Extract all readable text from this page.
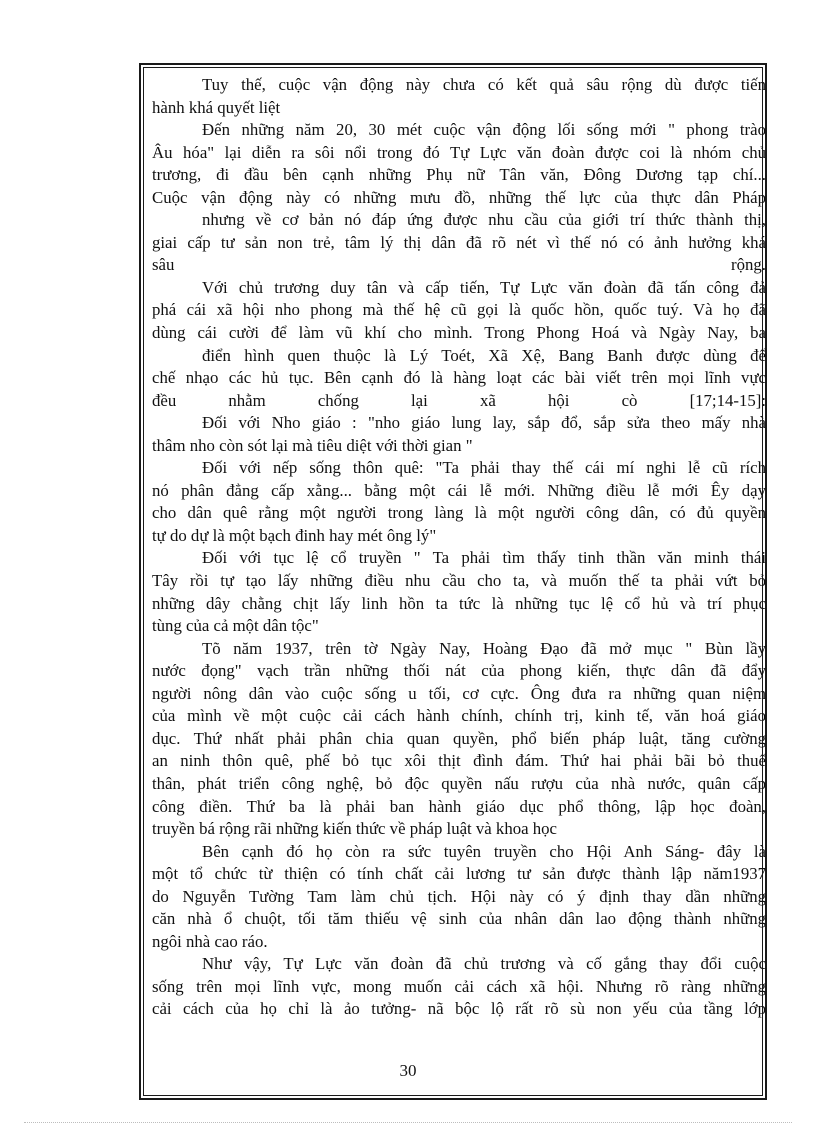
Tuy thế, cuộc vận động này chưa có kết quả sâu rộng dù được tiến
hành khá quyết liệt
Đến những năm 20, 30 mét cuộc vận động lối sống mới " phong trào
Âu hóa" lại diễn ra sôi nổi trong đó Tự Lực văn đoàn được coi là nhóm chủ
trương, đi đầu bên cạnh những Phụ nữ Tân văn, Đông Dương tạp chí...
Cuộc vận động này có những mưu đồ, những thế lực của thực dân Pháp
nhưng về cơ bản nó đáp ứng được nhu cầu của giới trí thức thành thị,
giai cấp tư sản non trẻ, tâm lý thị dân đã rõ nét vì thế nó có ảnh hưởng khá
sâu rộng.
Với chủ trương duy tân và cấp tiến, Tự Lực văn đoàn đã tấn công đả
phá cái xã hội nho phong mà thế hệ cũ gọi là quốc hồn, quốc tuý. Và họ đã
dùng cái cười để làm vũ khí cho mình. Trong Phong Hoá và Ngày Nay, ba
điển hình quen thuộc là Lý Toét, Xã Xệ, Bang Banh được dùng để
chế nhạo các hủ tục. Bên cạnh đó là hàng loạt các bài viết trên mọi lĩnh vực
đều nhằm chống lại xã hội cò [17;14-15]:
Đối với Nho giáo : "nho giáo lung lay, sắp đổ, sắp sửa theo mấy nhà
thâm nho còn sót lại mà tiêu diệt với thời gian "
Đối với nếp sống thôn quê: "Ta phải thay thế cái mí nghi lễ cũ rích
nó phân đẳng cấp xằng... bằng một cái lễ mới. Những điều lễ mới Êy dạy
cho dân quê rằng một người trong làng là một người công dân, có đủ quyền
tự do dự là một bạch đinh hay mét ông lý"
Đối với tục lệ cổ truyền " Ta phải tìm thấy tinh thần văn minh thái
Tây rồi tự tạo lấy những điều nhu cầu cho ta, và muốn thế ta phải vứt bỏ
những dây chằng chịt lấy linh hồn ta tức là những tục lệ cổ hủ và trí phục
tùng của cả một dân tộc"
Tõ năm 1937, trên tờ Ngày Nay, Hoàng Đạo đã mở mục " Bùn lầy
nước đọng" vạch trần những thối nát của phong kiến, thực dân đã đẩy
người nông dân vào cuộc sống u tối, cơ cực. Ông đưa ra những quan niệm
của mình về một cuộc cải cách hành chính, chính trị, kinh tế, văn hoá giáo
dục. Thứ nhất phải phân chia quan quyền, phổ biến pháp luật, tăng cường
an ninh thôn quê, phế bỏ tục xôi thịt đình đám. Thứ hai phải bãi bỏ thuế
thân, phát triển công nghệ, bỏ độc quyền nấu rượu của nhà nước, quân cấp
công điền. Thứ ba là phải ban hành giáo dục phổ thông, lập học đoàn,
truyền bá rộng rãi những kiến thức về pháp luật và khoa học
Bên cạnh đó họ còn ra sức tuyên truyền cho Hội Anh Sáng- đây là
một tổ chức từ thiện có tính chất cải lương tư sản được thành lập năm1937
do Nguyễn Tường Tam làm chủ tịch. Hội này có ý định thay dần những
căn nhà ổ chuột, tối tăm thiếu vệ sinh của nhân dân lao động thành những
ngôi nhà cao ráo.
Như vậy, Tự Lực văn đoàn đã chủ trương và cố gắng thay đổi cuộc
sống trên mọi lĩnh vực, mong muốn cải cách xã hội. Nhưng rõ ràng những
cải cách của họ chỉ là ảo tưởng- nã bộc lộ rất rõ sù non yếu của tầng lớp
30
